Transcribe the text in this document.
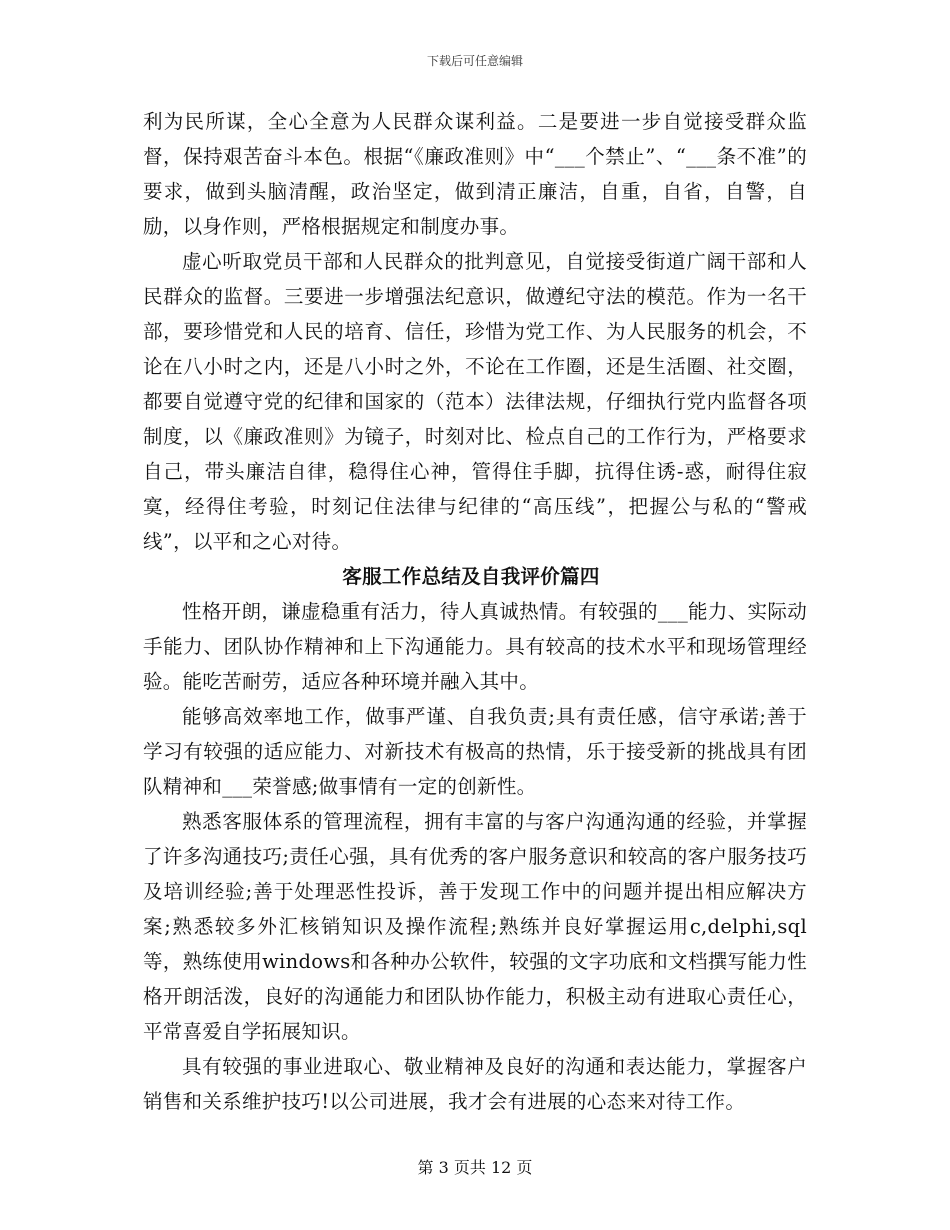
下载后可任意编辑

利为民所谋，全心全意为人民群众谋利益。二是要进一步自觉接受群众监督，保持艰苦奋斗本色。根据“《廉政准则》中“___个禁止”、“___条不准”的要求，做到头脑清醒，政治坚定，做到清正廉洁，自重，自省，自警，自励，以身作则，严格根据规定和制度办事。

虚心听取党员干部和人民群众的批判意见，自觉接受街道广阔干部和人民群众的监督。三要进一步增强法纪意识，做遵纪守法的模范。作为一名干部，要珍惜党和人民的培育、信任，珍惜为党工作、为人民服务的机会，不论在八小时之内，还是八小时之外，不论在工作圈，还是生活圈、社交圈，都要自觉遵守党的纪律和国家的（范本）法律法规，仔细执行党内监督各项制度，以《廉政准则》为镜子，时刻对比、检点自己的工作行为，严格要求自己，带头廉洁自律，稳得住心神，管得住手脚，抗得住诱-惑，耐得住寂寞，经得住考验，时刻记住法律与纪律的“高压线”，把握公与私的“警戒线”，以平和之心对待。

客服工作总结及自我评价篇四

性格开朗，谦虚稳重有活力，待人真诚热情。有较强的___能力、实际动手能力、团队协作精神和上下沟通能力。具有较高的技术水平和现场管理经验。能吃苦耐劳，适应各种环境并融入其中。

能够高效率地工作，做事严谨、自我负责;具有责任感，信守承诺;善于学习有较强的适应能力、对新技术有极高的热情，乐于接受新的挑战具有团队精神和___荣誉感;做事情有一定的创新性。

熟悉客服体系的管理流程，拥有丰富的与客户沟通沟通的经验，并掌握了许多沟通技巧;责任心强，具有优秀的客户服务意识和较高的客户服务技巧及培训经验;善于处理恶性投诉，善于发现工作中的问题并提出相应解决方案;熟悉较多外汇核销知识及操作流程;熟练并良好掌握运用c,delphi,sql等，熟练使用windows和各种办公软件，较强的文字功底和文档撰写能力性格开朗活泼，良好的沟通能力和团队协作能力，积极主动有进取心责任心，平常喜爱自学拓展知识。

具有较强的事业进取心、敬业精神及良好的沟通和表达能力，掌握客户销售和关系维护技巧!以公司进展，我才会有进展的心态来对待工作。

第 3 页共 12 页
